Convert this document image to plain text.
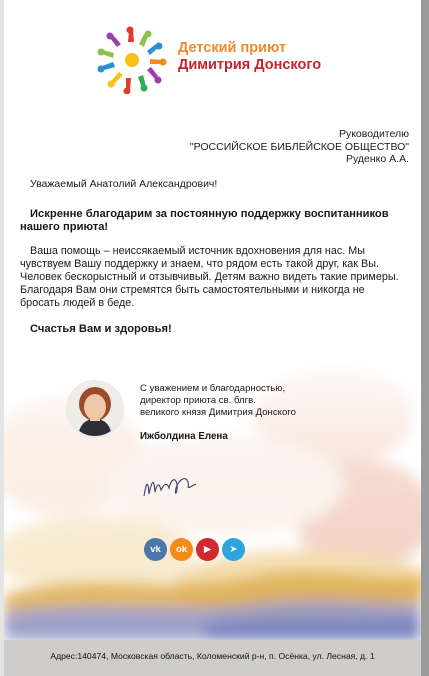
Детский приют
Димитрия Донского
Руководителю
"РОССИЙСКОЕ БИБЛЕЙСКОЕ ОБЩЕСТВО"
Руденко А.А.
Уважаемый Анатолий Александрович!
Искренне благодарим за постоянную поддержку воспитанников нашего приюта!
Ваша помощь – неиссякаемый источник вдохновения для нас. Мы чувствуем Вашу поддержку и знаем, что рядом есть такой друг, как Вы. Человек бескорыстный и отзывчивый. Детям важно видеть такие примеры. Благодаря Вам они стремятся быть самостоятельными и никогда не бросать людей в беде.
Счастья Вам и здоровья!
С уважением и благодарностью,
директор приюта св. блгв.
великого князя Димитрия Донского
Ижболдина Елена
vk	ok	▶	➤
Адрес:140474, Московская область, Коломенский р-н, п. Осёнка, ул. Лесная, д. 1
